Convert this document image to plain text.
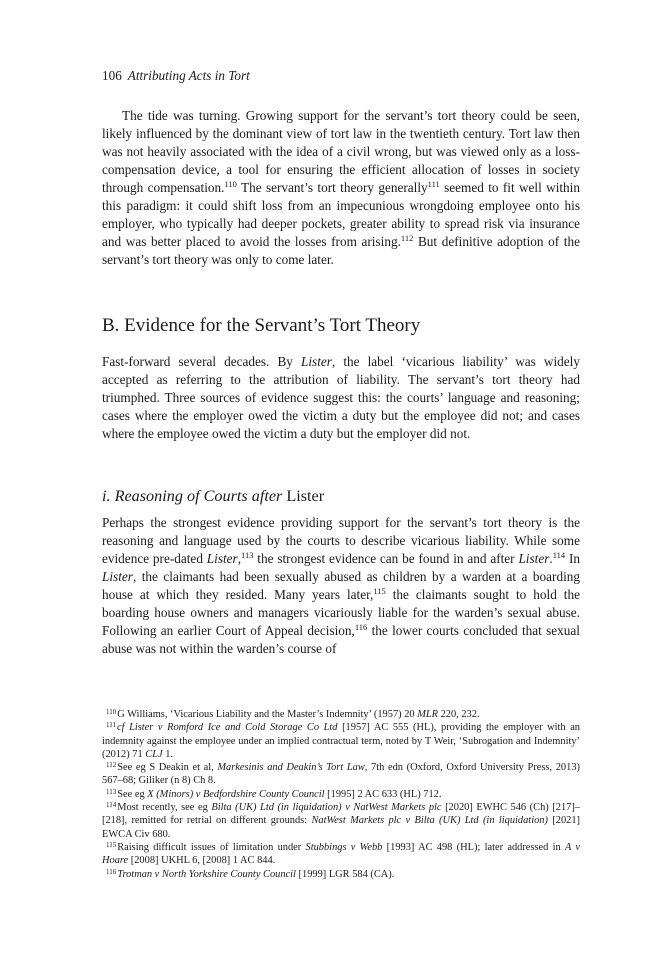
106 Attributing Acts in Tort

The tide was turning. Growing support for the servant’s tort theory could be seen, likely influenced by the dominant view of tort law in the twentieth century. Tort law then was not heavily associated with the idea of a civil wrong, but was viewed only as a loss-compensation device, a tool for ensuring the efficient allocation of losses in society through compensation.$^{110}$ The servant’s tort theory generally$^{111}$ seemed to fit well within this paradigm: it could shift loss from an impecunious wrongdoing employee onto his employer, who typically had deeper pockets, greater ability to spread risk via insurance and was better placed to avoid the losses from arising.$^{112}$ But definitive adoption of the servant’s tort theory was only to come later.

B. Evidence for the Servant’s Tort Theory

Fast-forward several decades. By Lister, the label ‘vicarious liability’ was widely accepted as referring to the attribution of liability. The servant’s tort theory had triumphed. Three sources of evidence suggest this: the courts’ language and reasoning; cases where the employer owed the victim a duty but the employee did not; and cases where the employee owed the victim a duty but the employer did not.

i. Reasoning of Courts after Lister

Perhaps the strongest evidence providing support for the servant’s tort theory is the reasoning and language used by the courts to describe vicarious liability. While some evidence pre-dated Lister,$^{113}$ the strongest evidence can be found in and after Lister.$^{114}$ In Lister, the claimants had been sexually abused as children by a warden at a boarding house at which they resided. Many years later,$^{115}$ the claimants sought to hold the boarding house owners and managers vicariously liable for the warden’s sexual abuse. Following an earlier Court of Appeal decision,$^{116}$ the lower courts concluded that sexual abuse was not within the warden’s course of

$^{110}$G Williams, ‘Vicarious Liability and the Master’s Indemnity’ (1957) 20 MLR 220, 232.

$^{111}$cf Lister v Romford Ice and Cold Storage Co Ltd [1957] AC 555 (HL), providing the employer with an indemnity against the employee under an implied contractual term, noted by T Weir, ‘Subrogation and Indemnity’ (2012) 71 CLJ 1.

$^{112}$See eg S Deakin et al, Markesinis and Deakin’s Tort Law, 7th edn (Oxford, Oxford University Press, 2013) 567–68; Giliker (n 8) Ch 8.

$^{113}$See eg X (Minors) v Bedfordshire County Council [1995] 2 AC 633 (HL) 712.

$^{114}$Most recently, see eg Bilta (UK) Ltd (in liquidation) v NatWest Markets plc [2020] EWHC 546 (Ch) [217]–[218], remitted for retrial on different grounds: NatWest Markets plc v Bilta (UK) Ltd (in liquidation) [2021] EWCA Civ 680.

$^{115}$Raising difficult issues of limitation under Stubbings v Webb [1993] AC 498 (HL); later addressed in A v Hoare [2008] UKHL 6, [2008] 1 AC 844.

$^{116}$Trotman v North Yorkshire County Council [1999] LGR 584 (CA).
